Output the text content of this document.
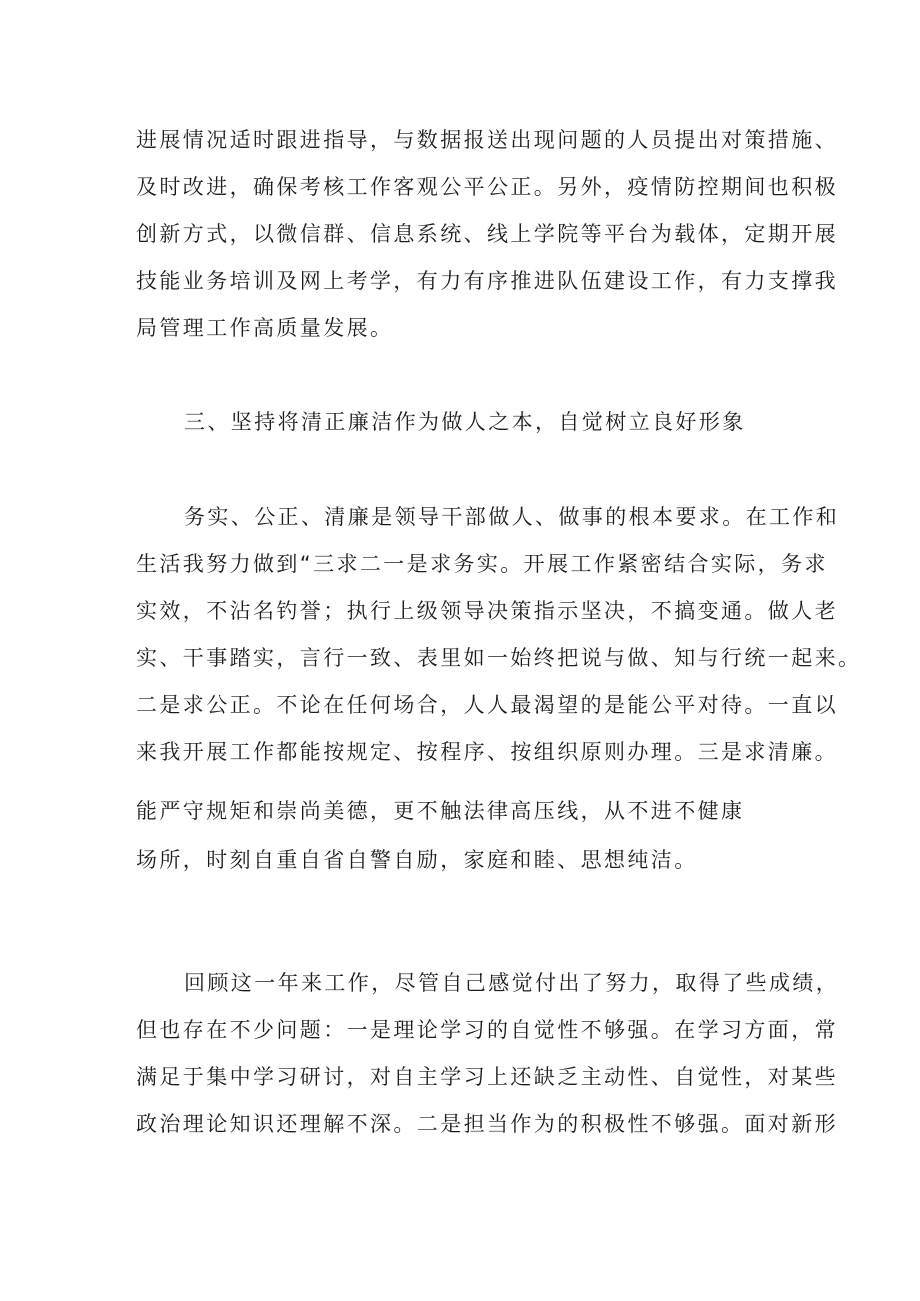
进展情况适时跟进指导，与数据报送出现问题的人员提出对策措施、
及时改进，确保考核工作客观公平公正。另外，疫情防控期间也积极
创新方式，以微信群、信息系统、线上学院等平台为载体，定期开展
技能业务培训及网上考学，有力有序推进队伍建设工作，有力支撑我
局管理工作高质量发展。
三、坚持将清正廉洁作为做人之本，自觉树立良好形象
务实、公正、清廉是领导干部做人、做事的根本要求。在工作和
生活我努力做到“三求二一是求务实。开展工作紧密结合实际，务求
实效，不沾名钓誉；执行上级领导决策指示坚决，不搞变通。做人老
实、干事踏实，言行一致、表里如一始终把说与做、知与行统一起来。
二是求公正。不论在任何场合，人人最渴望的是能公平对待。一直以
来我开展工作都能按规定、按程序、按组织原则办理。三是求清廉。
能严守规矩和崇尚美德，更不触法律高压线，从不进不健康
场所，时刻自重自省自警自励，家庭和睦、思想纯洁。
回顾这一年来工作，尽管自己感觉付出了努力，取得了些成绩，
但也存在不少问题：一是理论学习的自觉性不够强。在学习方面，常
满足于集中学习研讨，对自主学习上还缺乏主动性、自觉性，对某些
政治理论知识还理解不深。二是担当作为的积极性不够强。面对新形
